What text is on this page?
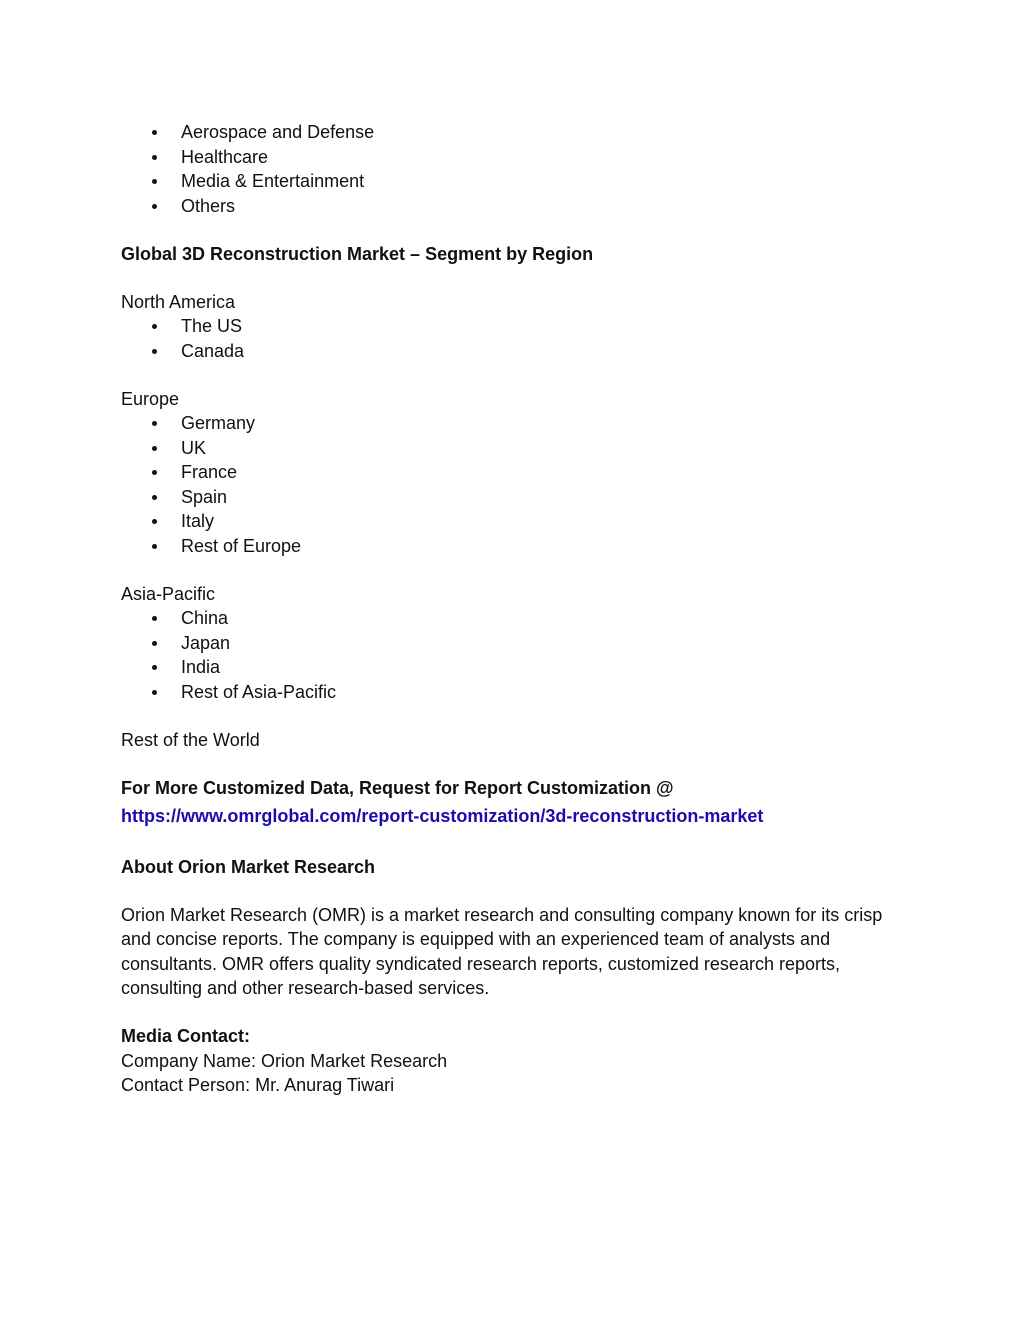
Aerospace and Defense
Healthcare
Media & Entertainment
Others

Global 3D Reconstruction Market – Segment by Region

North America

The US
Canada

Europe

Germany
UK
France
Spain
Italy
Rest of Europe

Asia-Pacific

China
Japan
India
Rest of Asia-Pacific

Rest of the World

For More Customized Data, Request for Report Customization @

https://www.omrglobal.com/report-customization/3d-reconstruction-market

About Orion Market Research

Orion Market Research (OMR) is a market research and consulting company known for its crisp and concise reports. The company is equipped with an experienced team of analysts and consultants. OMR offers quality syndicated research reports, customized research reports, consulting and other research-based services.

Media Contact:

Company Name: Orion Market Research

Contact Person: Mr. Anurag Tiwari
